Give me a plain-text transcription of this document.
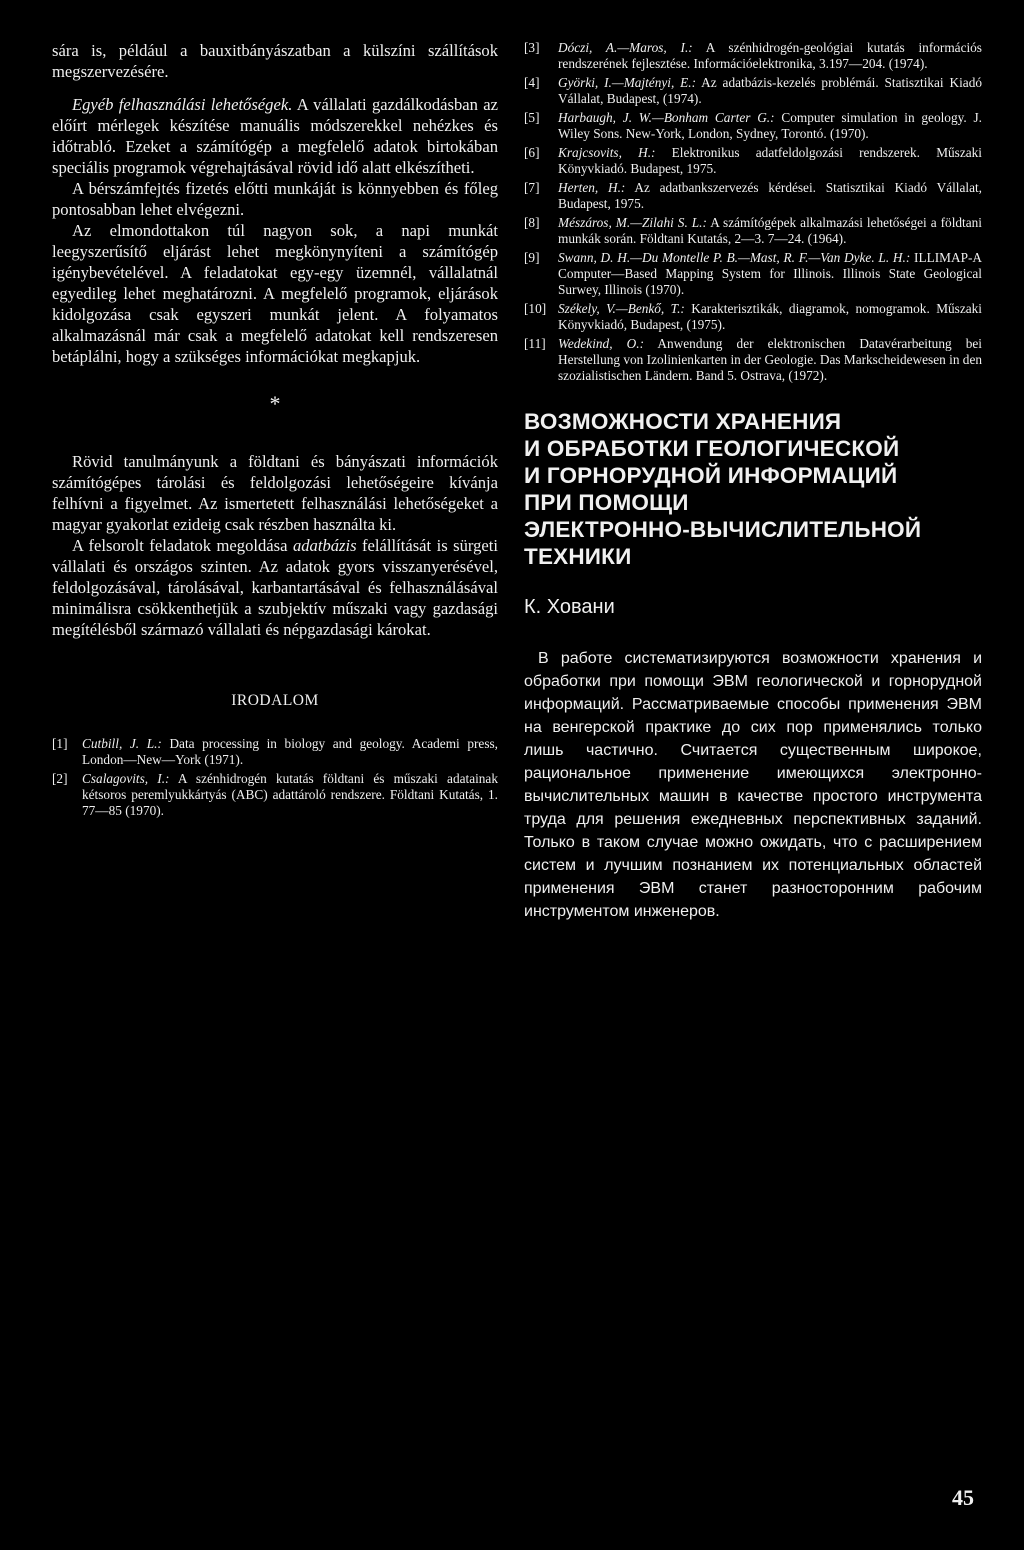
sára is, például a bauxitbányászatban a külszíni szállítások megszervezésére.

Egyéb felhasználási lehetőségek. A vállalati gazdálkodásban az előírt mérlegek készítése manuális módszerekkel nehézkes és időtrabló. Ezeket a számítógép a megfelelő adatok birtokában speciális programok végrehajtásával rövid idő alatt elkészítheti.

A bérszámfejtés fizetés előtti munkáját is könnyebben és főleg pontosabban lehet elvégezni.

Az elmondottakon túl nagyon sok, a napi munkát leegyszerűsítő eljárást lehet megkönynyíteni a számítógép igénybevételével. A feladatokat egy-egy üzemnél, vállalatnál egyedileg lehet meghatározni. A megfelelő programok, eljárások kidolgozása csak egyszeri munkát jelent. A folyamatos alkalmazásnál már csak a megfelelő adatokat kell rendszeresen betáplálni, hogy a szükséges információkat megkapjuk.

*

Rövid tanulmányunk a földtani és bányászati információk számítógépes tárolási és feldolgozási lehetőségeire kívánja felhívni a figyelmet. Az ismertetett felhasználási lehetőségeket a magyar gyakorlat ezideig csak részben használta ki.

A felsorolt feladatok megoldása adatbázis felállítását is sürgeti vállalati és országos szinten. Az adatok gyors visszanyerésével, feldolgozásával, tárolásával, karbantartásával és felhasználásával minimálisra csökkenthetjük a szubjektív műszaki vagy gazdasági megítélésből származó vállalati és népgazdasági károkat.

IRODALOM
[1]	Cutbill, J. L.: Data processing in biology and geology. Academi press, London—New—York (1971).
[2]	Csalagovits, I.: A szénhidrogén kutatás földtani és műszaki adatainak kétsoros peremlyukkártyás (ABC) adattároló rendszere. Földtani Kutatás, 1. 77—85 (1970).
[3]	Dóczi, A.—Maros, I.: A szénhidrogén-geológiai kutatás információs rendszerének fejlesztése. Információelektronika, 3.197—204. (1974).
[4]	Györki, I.—Majtényi, E.: Az adatbázis-kezelés problémái. Statisztikai Kiadó Vállalat, Budapest, (1974).
[5]	Harbaugh, J. W.—Bonham Carter G.: Computer simulation in geology. J. Wiley Sons. New-York, London, Sydney, Torontó. (1970).
[6]	Krajcsovits, H.: Elektronikus adatfeldolgozási rendszerek. Műszaki Könyvkiadó. Budapest, 1975.
[7]	Herten, H.: Az adatbankszervezés kérdései. Statisztikai Kiadó Vállalat, Budapest, 1975.
[8]	Mészáros, M.—Zilahi S. L.: A számítógépek alkalmazási lehetőségei a földtani munkák során. Földtani Kutatás, 2—3. 7—24. (1964).
[9]	Swann, D. H.—Du Montelle P. B.—Mast, R. F.—Van Dyke. L. H.: ILLIMAP-A Computer—Based Mapping System for Illinois. Illinois State Geological Surwey, Illinois (1970).
[10] Székely, V.—Benkő, T.: Karakterisztikák, diagramok, nomogramok. Műszaki Könyvkiadó, Budapest, (1975).
[11] Wedekind, O.: Anwendung der elektronischen Datavérarbeitung bei Herstellung von Izolinienkarten in der Geologie. Das Markscheidewesen in den szozialistischen Ländern. Band 5. Ostrava, (1972).
ВОЗМОЖНОСТИ ХРАНЕНИЯ
И ОБРАБОТКИ ГЕОЛОГИЧЕСКОЙ
И ГОРНОРУДНОЙ ИНФОРМАЦИЙ
ПРИ ПОМОЩИ
ЭЛЕКТРОННО-ВЫЧИСЛИТЕЛЬНОЙ
ТЕХНИКИ
К. Ховани

В работе систематизируются возможности хранения и обработки при помощи ЭВМ геологической и горнорудной информаций. Рассматриваемые способы применения ЭВМ на венгерской практике до сих пор применялись только лишь частично. Считается существенным широкое, рациональное применение имеющихся электронно-вычислительных машин в качестве простого инструмента труда для решения ежедневных перспективных заданий. Только в таком случае можно ожидать, что с расширением систем и лучшим познанием их потенциальных областей применения ЭВМ станет разносторонним рабочим инструментом инженеров.

45
